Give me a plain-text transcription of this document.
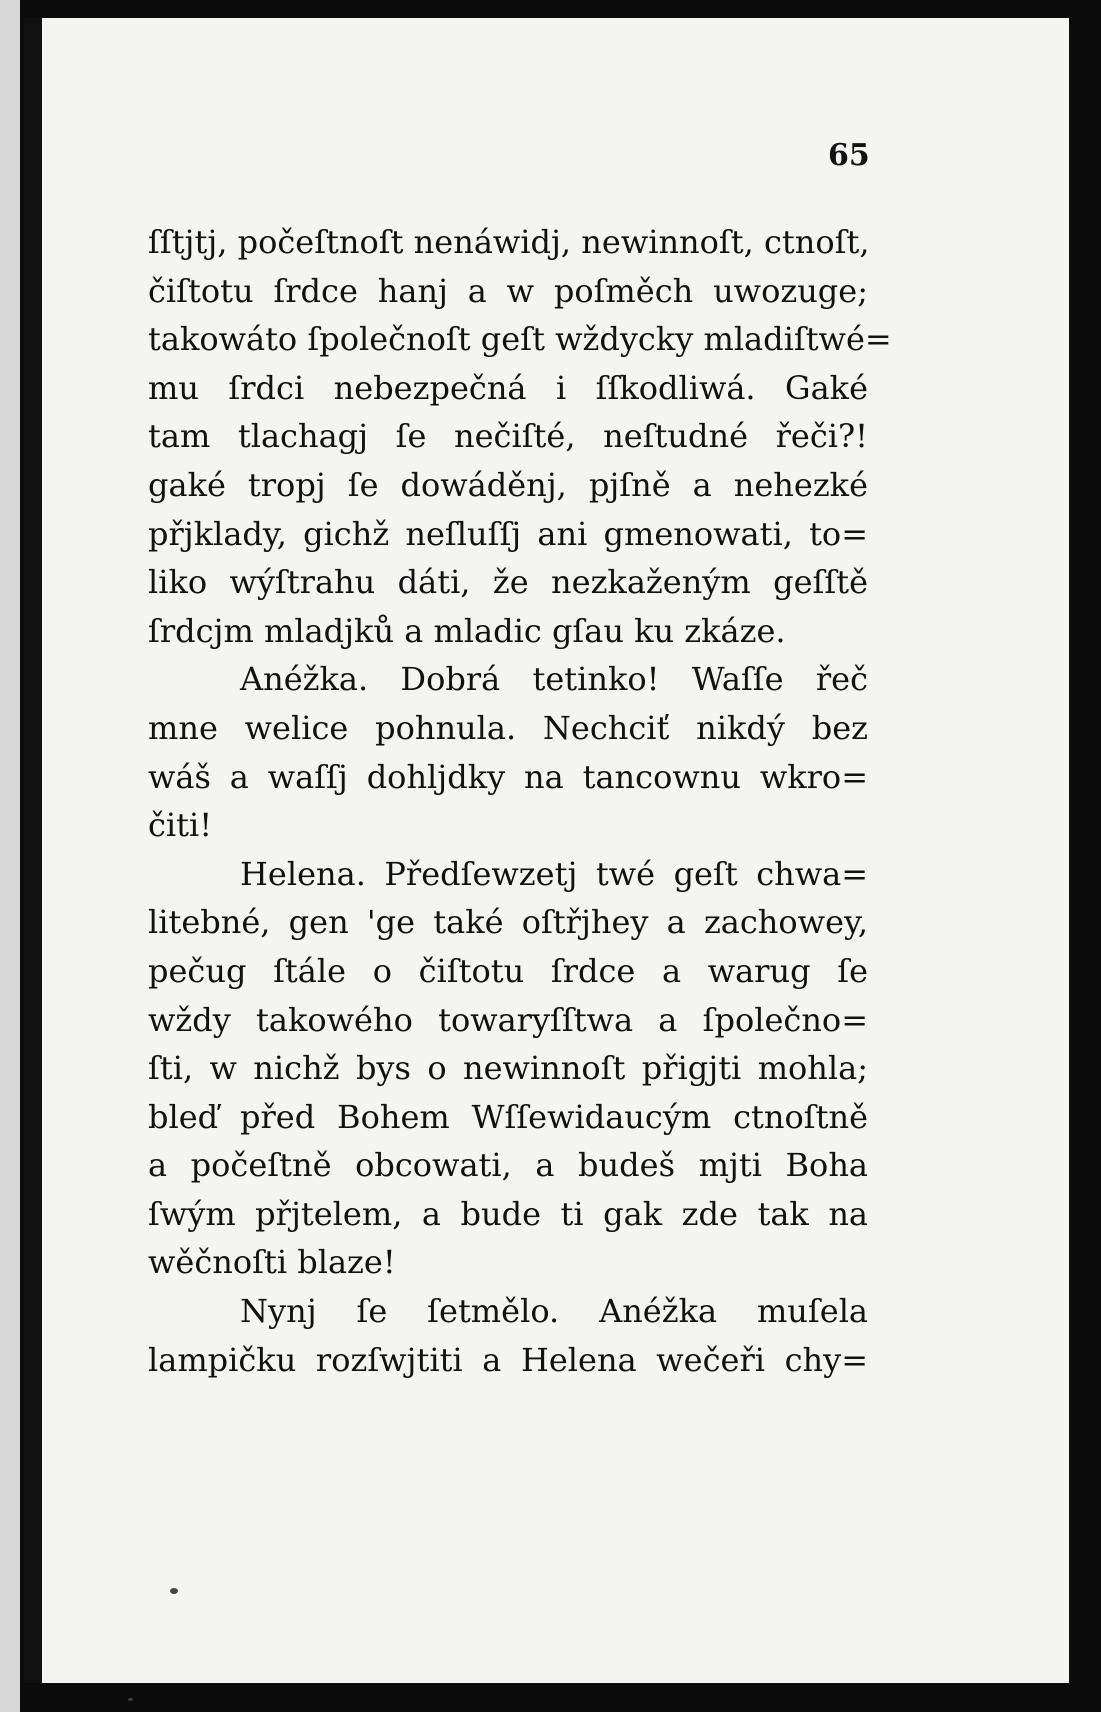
65
ſſtjtj, počeſtnoſt nenáwidj, newinnoſt, ctnoſt,
čiſtotu ſrdce hanj a w poſměch uwozuge;
takowáto ſpolečnoſt geſt wždycky mladiſtwé=
mu ſrdci nebezpečná i ſſkodliwá. Gaké
tam tlachagj ſe nečiſté, neſtudné řeči?!
gaké tropj ſe dowáděnj, pjſně a nehezké
přjklady, gichž neſluſſj ani gmenowati, to=
liko wýſtrahu dáti, že nezkaženým geſſtě
ſrdcjm mladjků a mladic gſau ku zkáze.
Anéžka. Dobrá tetinko! Waſſe řeč
mne welice pohnula. Nechciť nikdý bez
wáš a waſſj dohljdky na tancownu wkro=
čiti!
Helena. Předſewzetj twé geſt chwa=
litebné, gen 'ge také oſtřjhey a zachowey,
pečug ſtále o čiſtotu ſrdce a warug ſe
wždy takowého towaryſſtwa a ſpolečno=
ſti, w nichž bys o newinnoſt přigjti mohla;
bleď před Bohem Wſſewidaucým ctnoſtně
a počeſtně obcowati, a budeš mjti Boha
ſwým přjtelem, a bude ti gak zde tak na
wěčnoſti blaze!
Nynj ſe ſetmělo. Anéžka muſela
lampičku rozſwjtiti a Helena wečeři chy=
